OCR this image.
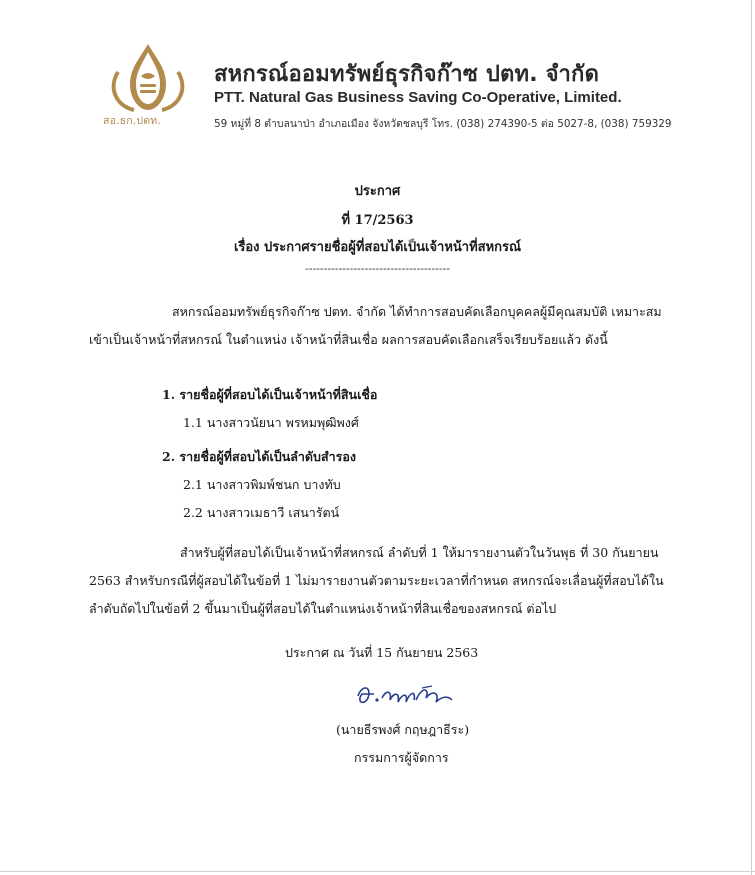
สอ.ธก.ปตท.
สหกรณ์ออมทรัพย์ธุรกิจก๊าซ ปตท. จำกัด
PTT. Natural Gas Business Saving Co-Operative, Limited.
59 หมู่ที่ 8 ตำบลนาป่า อำเภอเมือง จังหวัดชลบุรี โทร. (038) 274390-5 ต่อ 5027-8, (038) 759329
ประกาศ
ที่ 17/2563
เรื่อง ประกาศรายชื่อผู้ที่สอบได้เป็นเจ้าหน้าที่สหกรณ์
---------------------------------------
สหกรณ์ออมทรัพย์ธุรกิจก๊าซ ปตท. จำกัด ได้ทำการสอบคัดเลือกบุคคลผู้มีคุณสมบัติ เหมาะสม
เข้าเป็นเจ้าหน้าที่สหกรณ์ ในตำแหน่ง เจ้าหน้าที่สินเชื่อ ผลการสอบคัดเลือกเสร็จเรียบร้อยแล้ว ดังนี้
1. รายชื่อผู้ที่สอบได้เป็นเจ้าหน้าที่สินเชื่อ
1.1 นางสาวนัยนา พรหมพุฒิพงศ์
2. รายชื่อผู้ที่สอบได้เป็นลำดับสำรอง
2.1 นางสาวพิมพ์ชนก บางทับ
2.2 นางสาวเมธาวี เสนารัตน์
สำหรับผู้ที่สอบได้เป็นเจ้าหน้าที่สหกรณ์ ลำดับที่ 1 ให้มารายงานตัวในวันพุธ ที่ 30 กันยายน
2563 สำหรับกรณีที่ผู้สอบได้ในข้อที่ 1 ไม่มารายงานตัวตามระยะเวลาที่กำหนด สหกรณ์จะเลื่อนผู้ที่สอบได้ใน
ลำดับถัดไปในข้อที่ 2 ขึ้นมาเป็นผู้ที่สอบได้ในตำแหน่งเจ้าหน้าที่สินเชื่อของสหกรณ์ ต่อไป
ประกาศ ณ วันที่ 15 กันยายน 2563
(นายธีรพงศ์ กฤษฎาธีระ)
กรรมการผู้จัดการ
